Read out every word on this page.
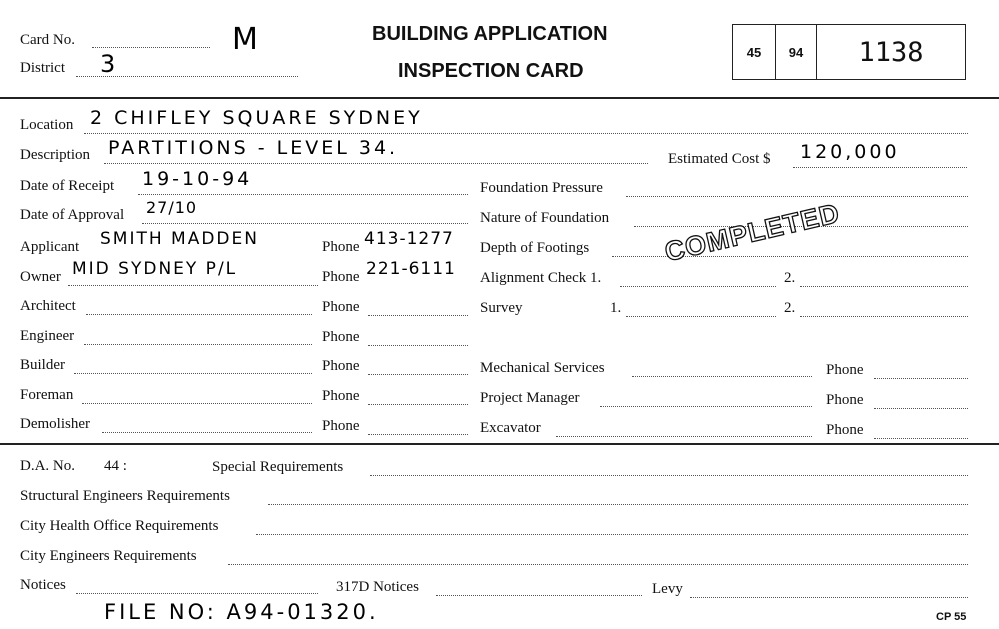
Card No.	M
District 3
BUILDING APPLICATION
INSPECTION CARD
45	94	1138
Location 2 CHIFLEY SQUARE SYDNEY
Description PARTITIONS - LEVEL 34.	Estimated Cost $ 120,000
Date of Receipt 19-10-94	Foundation Pressure
Date of Approval 27/10
Nature of Foundation
Applicant SMITH MADDEN	Phone 413-1277 Depth of Footings
Owner MID SYDNEY P/L	Phone 221-6111 Alignment Check 1.	2.
Architect	Phone	Survey	1.	2.
Engineer	Phone
Builder	Phone	Mechanical Services	Phone
Foreman	Phone	Project Manager	Phone
Demolisher	Phone	Excavator	Phone
COMPLETED
D.A. No. 44 :	Special Requirements
Structural Engineers Requirements
City Health Office Requirements
City Engineers Requirements
Notices	317D Notices	Levy
FILE NO: A94-01320.	CP 55
